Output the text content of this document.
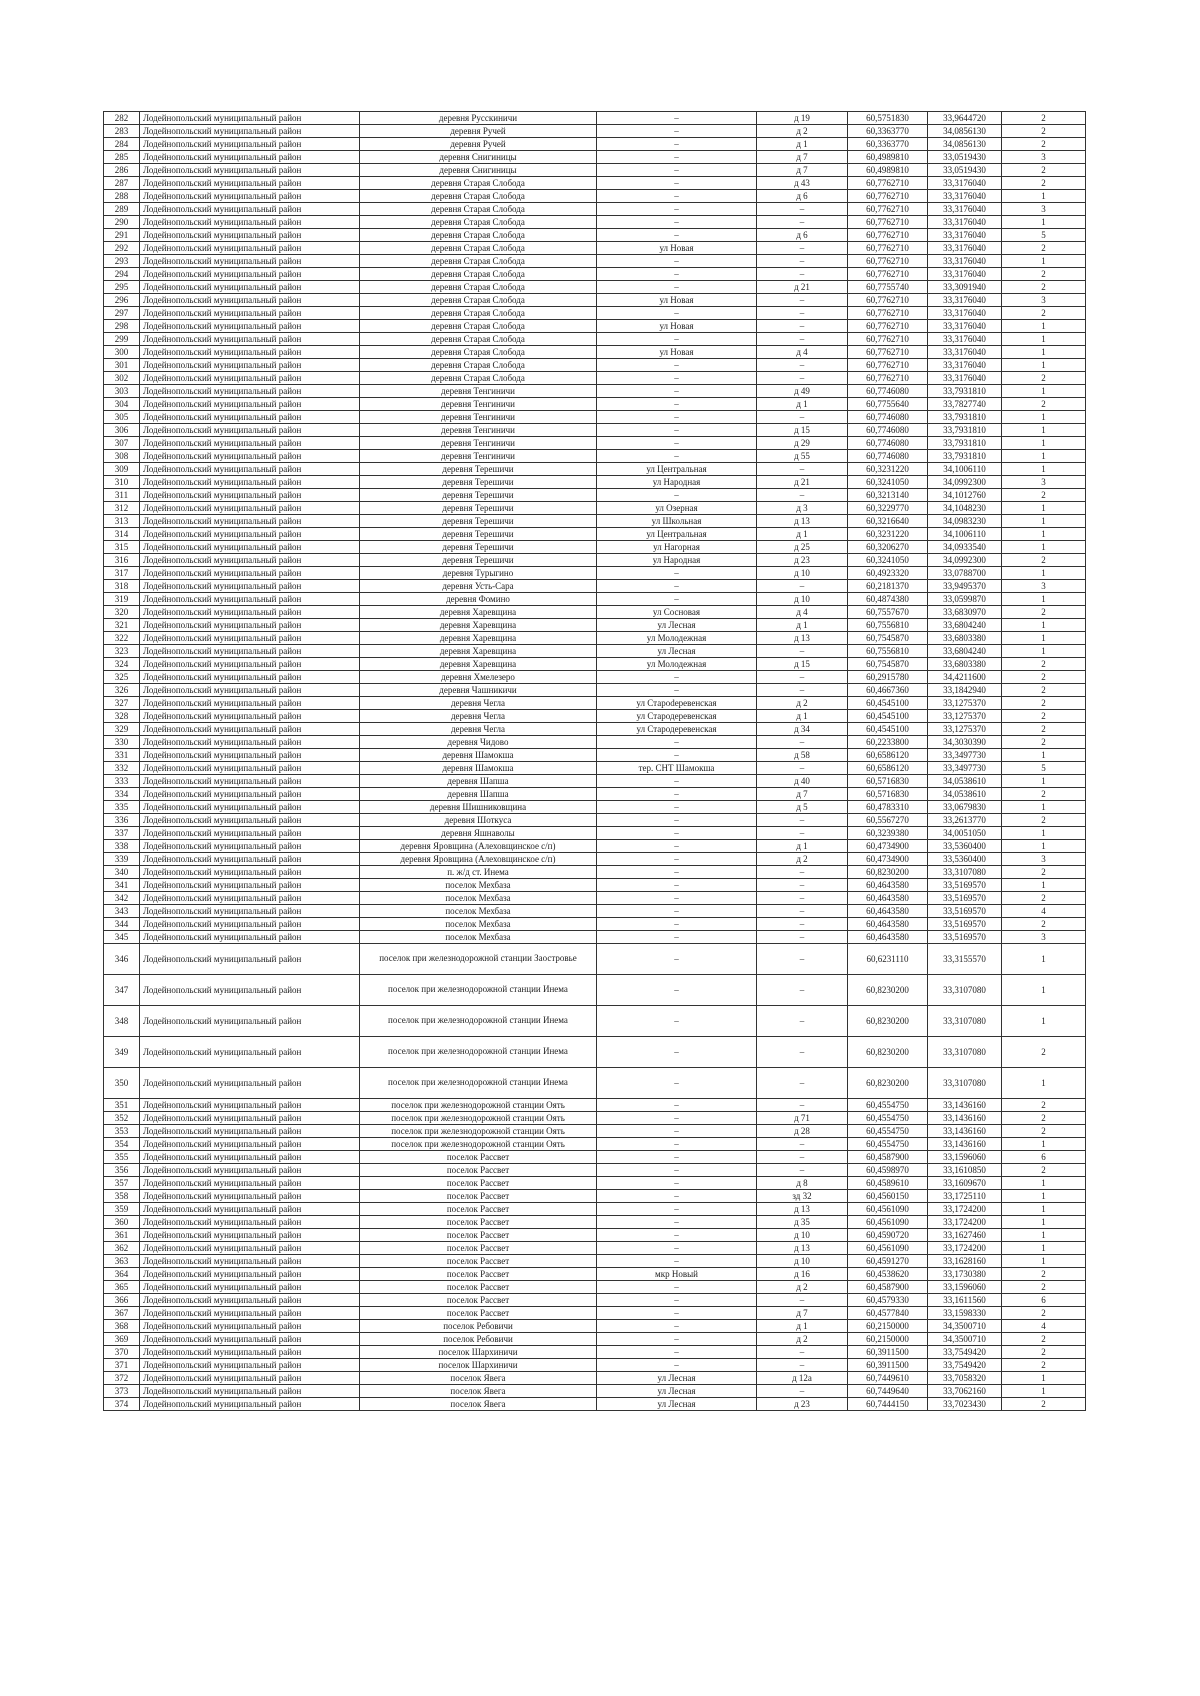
282	Лодейнопольский муниципальный район	деревня Русскиничи	–	д 19	60,5751830	33,9644720	2
283	Лодейнопольский муниципальный район	деревня Ручей	–	д 2	60,3363770	34,0856130	2
284	Лодейнопольский муниципальный район	деревня Ручей	–	д 1	60,3363770	34,0856130	2
285	Лодейнопольский муниципальный район	деревня Снигиницы	–	д 7	60,4989810	33,0519430	3
286	Лодейнопольский муниципальный район	деревня Снигиницы	–	д 7	60,4989810	33,0519430	2
287	Лодейнопольский муниципальный район	деревня Старая Слобода	–	д 43	60,7762710	33,3176040	2
288	Лодейнопольский муниципальный район	деревня Старая Слобода	–	д 6	60,7762710	33,3176040	1
289	Лодейнопольский муниципальный район	деревня Старая Слобода	–	–	60,7762710	33,3176040	3
290	Лодейнопольский муниципальный район	деревня Старая Слобода	–	–	60,7762710	33,3176040	1
291	Лодейнопольский муниципальный район	деревня Старая Слобода	–	д 6	60,7762710	33,3176040	5
292	Лодейнопольский муниципальный район	деревня Старая Слобода	ул Новая	–	60,7762710	33,3176040	2
293	Лодейнопольский муниципальный район	деревня Старая Слобода	–	–	60,7762710	33,3176040	1
294	Лодейнопольский муниципальный район	деревня Старая Слобода	–	–	60,7762710	33,3176040	2
295	Лодейнопольский муниципальный район	деревня Старая Слобода	–	д 21	60,7755740	33,3091940	2
296	Лодейнопольский муниципальный район	деревня Старая Слобода	ул Новая	–	60,7762710	33,3176040	3
297	Лодейнопольский муниципальный район	деревня Старая Слобода	–	–	60,7762710	33,3176040	2
298	Лодейнопольский муниципальный район	деревня Старая Слобода	ул Новая	–	60,7762710	33,3176040	1
299	Лодейнопольский муниципальный район	деревня Старая Слобода	–	–	60,7762710	33,3176040	1
300	Лодейнопольский муниципальный район	деревня Старая Слобода	ул Новая	д 4	60,7762710	33,3176040	1
301	Лодейнопольский муниципальный район	деревня Старая Слобода	–	–	60,7762710	33,3176040	1
302	Лодейнопольский муниципальный район	деревня Старая Слобода	–	–	60,7762710	33,3176040	2
303	Лодейнопольский муниципальный район	деревня Тенгиничи	–	д 49	60,7746080	33,7931810	1
304	Лодейнопольский муниципальный район	деревня Тенгиничи	–	д 1	60,7755640	33,7827740	2
305	Лодейнопольский муниципальный район	деревня Тенгиничи	–	–	60,7746080	33,7931810	1
306	Лодейнопольский муниципальный район	деревня Тенгиничи	–	д 15	60,7746080	33,7931810	1
307	Лодейнопольский муниципальный район	деревня Тенгиничи	–	д 29	60,7746080	33,7931810	1
308	Лодейнопольский муниципальный район	деревня Тенгиничи	–	д 55	60,7746080	33,7931810	1
309	Лодейнопольский муниципальный район	деревня Терешичи	ул Центральная	–	60,3231220	34,1006110	1
310	Лодейнопольский муниципальный район	деревня Терешичи	ул Народная	д 21	60,3241050	34,0992300	3
311	Лодейнопольский муниципальный район	деревня Терешичи	–	–	60,3213140	34,1012760	2
312	Лодейнопольский муниципальный район	деревня Терешичи	ул Озерная	д 3	60,3229770	34,1048230	1
313	Лодейнопольский муниципальный район	деревня Терешичи	ул Школьная	д 13	60,3216640	34,0983230	1
314	Лодейнопольский муниципальный район	деревня Терешичи	ул Центральная	д 1	60,3231220	34,1006110	1
315	Лодейнопольский муниципальный район	деревня Терешичи	ул Нагорная	д 25	60,3206270	34,0933540	1
316	Лодейнопольский муниципальный район	деревня Терешичи	ул Народная	д 23	60,3241050	34,0992300	2
317	Лодейнопольский муниципальный район	деревня Турыгино	–	д 10	60,4923320	33,0788700	1
318	Лодейнопольский муниципальный район	деревня Усть-Сара	–	–	60,2181370	33,9495370	3
319	Лодейнопольский муниципальный район	деревня Фомино	–	д 10	60,4874380	33,0599870	1
320	Лодейнопольский муниципальный район	деревня Харевщина	ул Сосновая	д 4	60,7557670	33,6830970	2
321	Лодейнопольский муниципальный район	деревня Харевщина	ул Лесная	д 1	60,7556810	33,6804240	1
322	Лодейнопольский муниципальный район	деревня Харевщина	ул Молодежная	д 13	60,7545870	33,6803380	1
323	Лодейнопольский муниципальный район	деревня Харевщина	ул Лесная	–	60,7556810	33,6804240	1
324	Лодейнопольский муниципальный район	деревня Харевщина	ул Молодежная	д 15	60,7545870	33,6803380	2
325	Лодейнопольский муниципальный район	деревня Хмелезеро	–	–	60,2915780	34,4211600	2
326	Лодейнопольский муниципальный район	деревня Чашникичи	–	–	60,4667360	33,1842940	2
327	Лодейнопольский муниципальный район	деревня Чегла	ул Староdеревенская	д 2	60,4545100	33,1275370	2
328	Лодейнопольский муниципальный район	деревня Чегла	ул Стародеревенская	д 1	60,4545100	33,1275370	2
329	Лодейнопольский муниципальный район	деревня Чегла	ул Стародеревенская	д 34	60,4545100	33,1275370	2
330	Лодейнопольский муниципальный район	деревня Чидово	–	–	60,2233800	34,3030390	2
331	Лодейнопольский муниципальный район	деревня Шамокша	–	д 58	60,6586120	33,3497730	1
332	Лодейнопольский муниципальный район	деревня Шамокша	тер. СНТ Шамокша	–	60,6586120	33,3497730	5
333	Лодейнопольский муниципальный район	деревня Шапша	–	д 40	60,5716830	34,0538610	1
334	Лодейнопольский муниципальный район	деревня Шапша	–	д 7	60,5716830	34,0538610	2
335	Лодейнопольский муниципальный район	деревня Шишниковщина	–	д 5	60,4783310	33,0679830	1
336	Лодейнопольский муниципальный район	деревня Шоткуса	–	–	60,5567270	33,2613770	2
337	Лодейнопольский муниципальный район	деревня Яшнаволы	–	–	60,3239380	34,0051050	1
338	Лодейнопольский муниципальный район	деревня Яровщина (Алеховщинское с/п)	–	д 1	60,4734900	33,5360400	1
339	Лодейнопольский муниципальный район	деревня Яровщина (Алеховщинское с/п)	–	д 2	60,4734900	33,5360400	3
340	Лодейнопольский муниципальный район	п. ж/д ст. Инема	–	–	60,8230200	33,3107080	2
341	Лодейнопольский муниципальный район	поселок Мехбаза	–	–	60,4643580	33,5169570	1
342	Лодейнопольский муниципальный район	поселок Мехбаза	–	–	60,4643580	33,5169570	2
343	Лодейнопольский муниципальный район	поселок Мехбаза	–	–	60,4643580	33,5169570	4
344	Лодейнопольский муниципальный район	поселок Мехбаза	–	–	60,4643580	33,5169570	2
345	Лодейнопольский муниципальный район	поселок Мехбаза	–	–	60,4643580	33,5169570	3
346	Лодейнопольский муниципальный район	поселок при железнодорожной станции Заостровье	–	–	60,6231110	33,3155570	1
347	Лодейнопольский муниципальный район	поселок при железнодорожной станции Инема	–	–	60,8230200	33,3107080	1
348	Лодейнопольский муниципальный район	поселок при железнодорожной станции Инема	–	–	60,8230200	33,3107080	1
349	Лодейнопольский муниципальный район	поселок при железнодорожной станции Инема	–	–	60,8230200	33,3107080	2
350	Лодейнопольский муниципальный район	поселок при железнодорожной станции Инема	–	–	60,8230200	33,3107080	1
351	Лодейнопольский муниципальный район	поселок при железнодорожной станции Оять	–	–	60,4554750	33,1436160	2
352	Лодейнопольский муниципальный район	поселок при железнодорожной станции Оять	–	д 71	60,4554750	33,1436160	2
353	Лодейнопольский муниципальный район	поселок при железнодорожной станции Оять	–	д 28	60,4554750	33,1436160	2
354	Лодейнопольский муниципальный район	поселок при железнодорожной станции Оять	–	–	60,4554750	33,1436160	1
355	Лодейнопольский муниципальный район	поселок Рассвет	–	–	60,4587900	33,1596060	6
356	Лодейнопольский муниципальный район	поселок Рассвет	–	–	60,4598970	33,1610850	2
357	Лодейнопольский муниципальный район	поселок Рассвет	–	д 8	60,4589610	33,1609670	1
358	Лодейнопольский муниципальный район	поселок Рассвет	–	зд 32	60,4560150	33,1725110	1
359	Лодейнопольский муниципальный район	поселок Рассвет	–	д 13	60,4561090	33,1724200	1
360	Лодейнопольский муниципальный район	поселок Рассвет	–	д 35	60,4561090	33,1724200	1
361	Лодейнопольский муниципальный район	поселок Рассвет	–	д 10	60,4590720	33,1627460	1
362	Лодейнопольский муниципальный район	поселок Рассвет	–	д 13	60,4561090	33,1724200	1
363	Лодейнопольский муниципальный район	поселок Рассвет	–	д 10	60,4591270	33,1628160	1
364	Лодейнопольский муниципальный район	поселок Рассвет	мкр Новый	д 16	60,4538620	33,1730380	2
365	Лодейнопольский муниципальный район	поселок Рассвет	–	д 2	60,4587900	33,1596060	2
366	Лодейнопольский муниципальный район	поселок Рассвет	–	–	60,4579330	33,1611560	6
367	Лодейнопольский муниципальный район	поселок Рассвет	–	д 7	60,4577840	33,1598330	2
368	Лодейнопольский муниципальный район	поселок Ребовичи	–	д 1	60,2150000	34,3500710	4
369	Лодейнопольский муниципальный район	поселок Ребовичи	–	д 2	60,2150000	34,3500710	2
370	Лодейнопольский муниципальный район	поселок Шархиничи	–	–	60,3911500	33,7549420	2
371	Лодейнопольский муниципальный район	поселок Шархиничи	–	–	60,3911500	33,7549420	2
372	Лодейнопольский муниципальный район	поселок Явега	ул Лесная	д 12а	60,7449610	33,7058320	1
373	Лодейнопольский муниципальный район	поселок Явега	ул Лесная	–	60,7449640	33,7062160	1
374	Лодейнопольский муниципальный район	поселок Явега	ул Лесная	д 23	60,7444150	33,7023430	2
